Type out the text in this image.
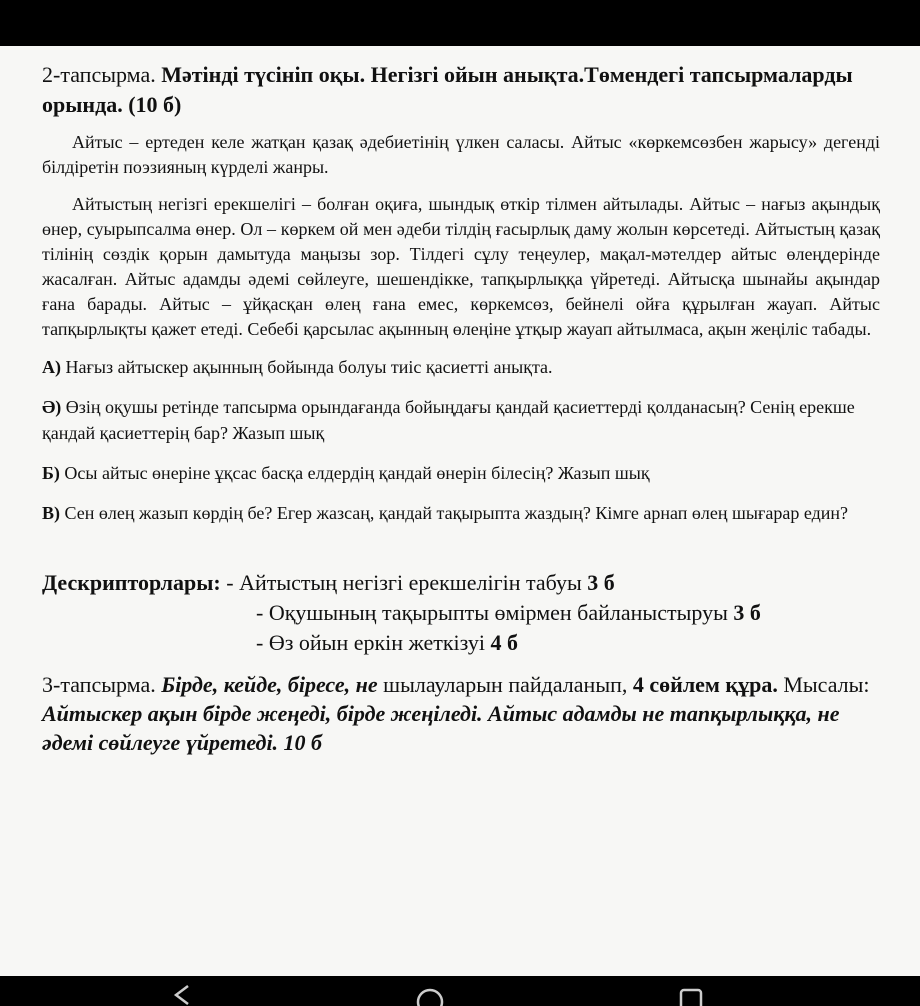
2-тапсырма. Мәтінді түсініп оқы. Негізгі ойын анықта.Төмендегі тапсырмаларды орында. (10 б)

Айтыс – ертеден келе жатқан қазақ әдебиетінің үлкен саласы. Айтыс «көркемсөзбен жарысу» дегенді білдіретін поэзияның күрделі жанры.

Айтыстың негізгі ерекшелігі – болған оқиға, шындық өткір тілмен айтылады. Айтыс – нағыз ақындық өнер, суырыпсалма өнер. Ол – көркем ой мен әдеби тілдің ғасырлық даму жолын көрсетеді. Айтыстың қазақ тілінің сөздік қорын дамытуда маңызы зор. Тілдегі сұлу теңеулер, мақал-мәтелдер айтыс өлеңдерінде жасалған. Айтыс адамды әдемі сөйлеуге, шешендікке, тапқырлыққа үйретеді. Айтысқа шынайы ақындар ғана барады. Айтыс – ұйқасқан өлең ғана емес, көркемсөз, бейнелі ойға құрылған жауап. Айтыс тапқырлықты қажет етеді. Себебі қарсылас ақынның өлеңіне ұтқыр жауап айтылмаса, ақын жеңіліс табады.

А) Нағыз айтыскер ақынның бойында болуы тиіс қасиетті анықта.

Ә) Өзің оқушы ретінде тапсырма орындағанда бойыңдағы қандай қасиеттерді қолданасың? Сенің ерекше қандай қасиеттерің бар? Жазып шық

Б) Осы айтыс өнеріне ұқсас басқа елдердің қандай өнерін білесің? Жазып шық

В) Сен өлең жазып көрдің бе? Егер жазсаң, қандай тақырыпта жаздың? Кімге арнап өлең шығарар един?

Дескрипторлары: - Айтыстың негізгі ерекшелігін табуы 3 б
- Оқушының тақырыпты өмірмен байланыстыруы 3 б
- Өз ойын еркін жеткізуі 4 б

3-тапсырма. Бірде, кейде, біресе, не шылауларын пайдаланып, 4 сөйлем құра. Мысалы: Айтыскер ақын бірде жеңеді, бірде жеңіледі. Айтыс адамды не тапқырлыққа, не әдемі сөйлеуге үйретеді. 10 б
